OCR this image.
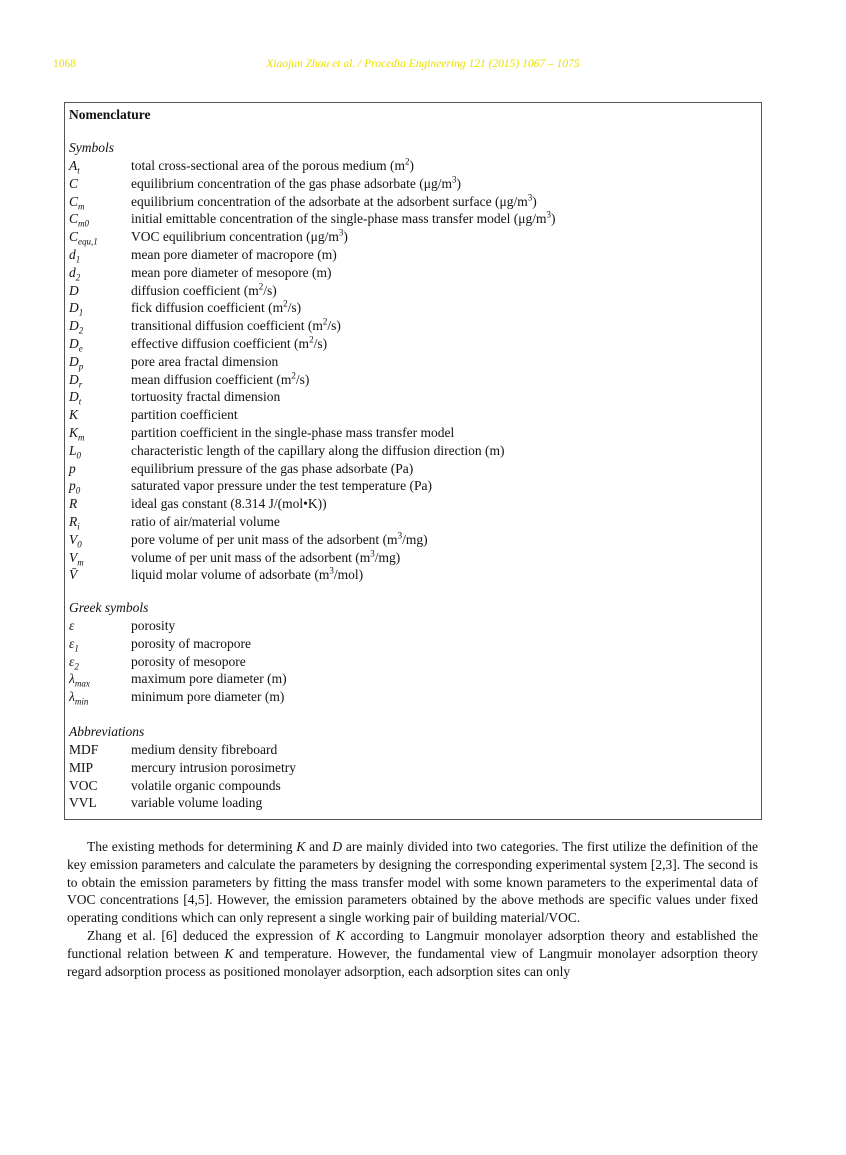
1068	Xiaojun Zhou et al. / Procedia Engineering 121 (2015) 1067 – 1075
Nomenclature
Symbols
$A_t$	total cross-sectional area of the porous medium $(m^2)$
C	equilibrium concentration of the gas phase adsorbate $(\mu g/m^3)$
$C_m$	equilibrium concentration of the adsorbate at the adsorbent surface $(\mu g/m^3)$
$C_{m0}$	initial emittable concentration of the single-phase mass transfer model $(\mu g/m^3)$
$C_{equ,1}$	VOC equilibrium concentration $(\mu g/m^3)$
$d_1$	mean pore diameter of macropore (m)
$d_2$	mean pore diameter of mesopore (m)
D	diffusion coefficient $(m^2/s)$
$D_1$	fick diffusion coefficient $(m^2/s)$
$D_2$	transitional diffusion coefficient $(m^2/s)$
$D_e$	effective diffusion coefficient $(m^2/s)$
$D_p$	pore area fractal dimension
$D_r$	mean diffusion coefficient $(m^2/s)$
$D_t$	tortuosity fractal dimension
K	partition coefficient
$K_m$	partition coefficient in the single-phase mass transfer model
$L_0$	characteristic length of the capillary along the diffusion direction (m)
p	equilibrium pressure of the gas phase adsorbate (Pa)
$p_0$	saturated vapor pressure under the test temperature (Pa)
R	ideal gas constant (8.314 J/(mol•K))
$R_i$	ratio of air/material volume
$V_0$	pore volume of per unit mass of the adsorbent $(m^3/mg)$
$V_m$	volume of per unit mass of the adsorbent $(m^3/mg)$
V̄	liquid molar volume of adsorbate $(m^3/mol)$
Greek symbols
ε	porosity
$\varepsilon_1$	porosity of macropore
$\varepsilon_2$	porosity of mesopore
$\lambda_{max}$	maximum pore diameter (m)
$\lambda_{min}$	minimum pore diameter (m)
Abbreviations
MDF	medium density fibreboard
MIP	mercury intrusion porosimetry
VOC	volatile organic compounds
VVL	variable volume loading

The existing methods for determining K and D are mainly divided into two categories. The first utilize the definition of the key emission parameters and calculate the parameters by designing the corresponding experimental system [2,3]. The second is to obtain the emission parameters by fitting the mass transfer model with some known parameters to the experimental data of VOC concentrations [4,5]. However, the emission parameters obtained by the above methods are specific values under fixed operating conditions which can only represent a single working pair of building material/VOC.

Zhang et al. [6] deduced the expression of K according to Langmuir monolayer adsorption theory and established the functional relation between K and temperature. However, the fundamental view of Langmuir monolayer adsorption theory regard adsorption process as positioned monolayer adsorption, each adsorption sites can only
